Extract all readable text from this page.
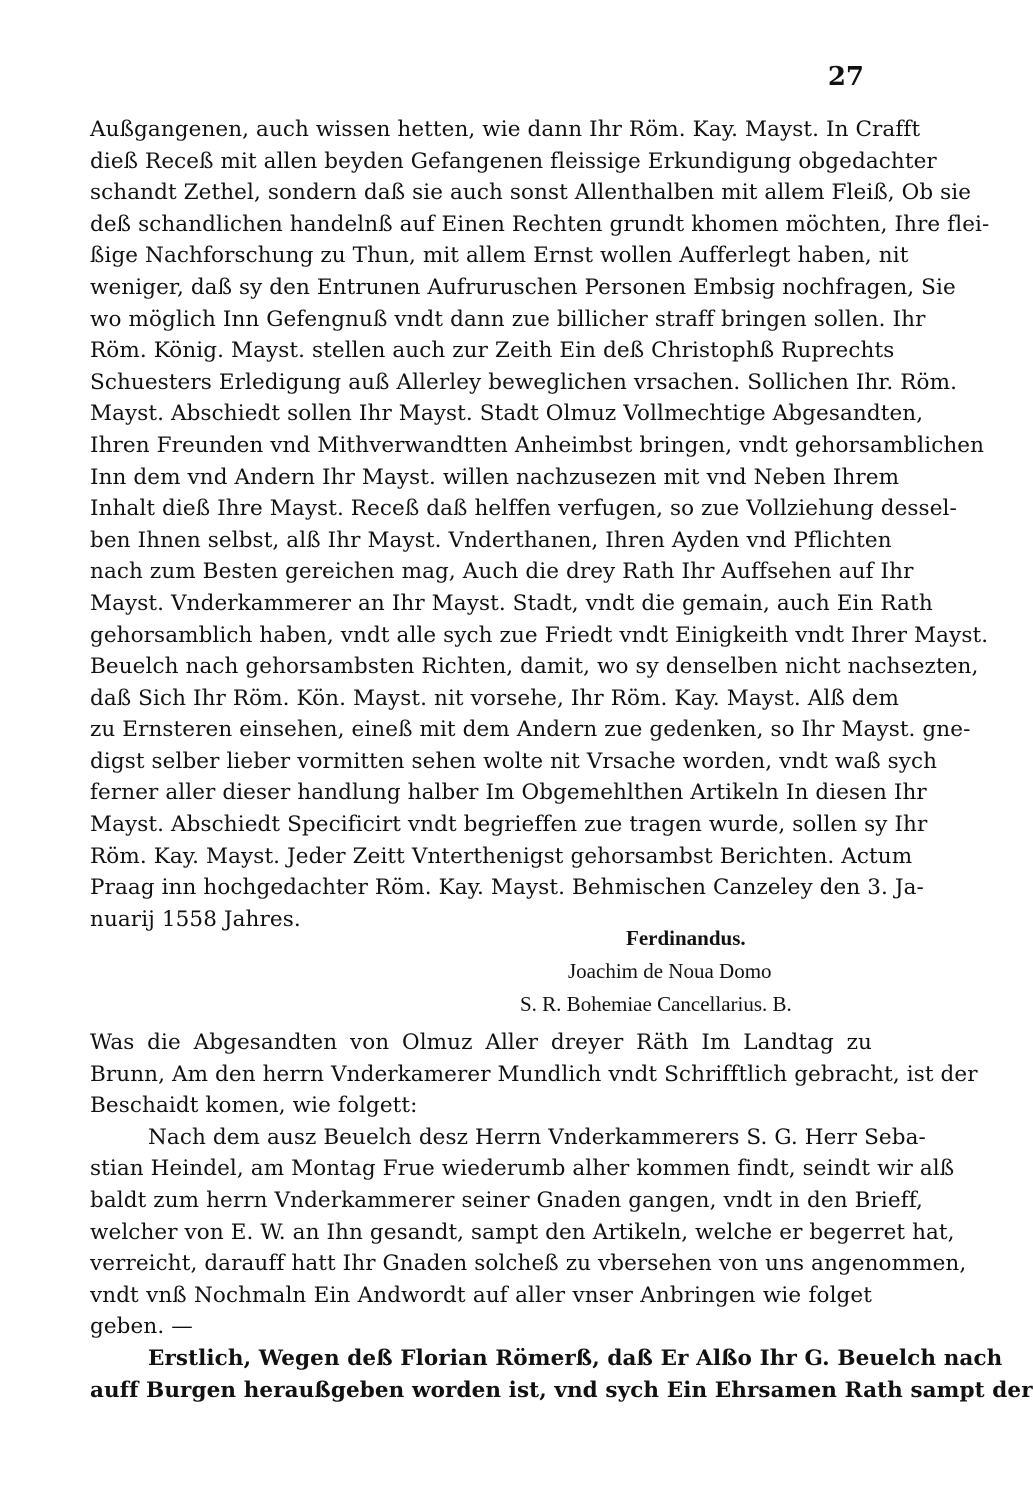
27
Außgangenen, auch wissen hetten, wie dann Ihr Röm. Kay. Mayst. In Crafft
dieß Receß mit allen beyden Gefangenen fleissige Erkundigung obgedachter
schandt Zethel, sondern daß sie auch sonst Allenthalben mit allem Fleiß, Ob sie
deß schandlichen handelnß auf Einen Rechten grundt khomen möchten, Ihre flei-
ßige Nachforschung zu Thun, mit allem Ernst wollen Aufferlegt haben, nit
weniger, daß sy den Entrunen Aufruruschen Personen Embsig nochfragen, Sie
wo möglich Inn Gefengnuß vndt dann zue billicher straff bringen sollen. Ihr
Röm. König. Mayst. stellen auch zur Zeith Ein deß Christophß Ruprechts
Schuesters Erledigung auß Allerley beweglichen vrsachen. Sollichen Ihr. Röm.
Mayst. Abschiedt sollen Ihr Mayst. Stadt Olmuz Vollmechtige Abgesandten,
Ihren Freunden vnd Mithverwandtten Anheimbst bringen, vndt gehorsamblichen
Inn dem vnd Andern Ihr Mayst. willen nachzusezen mit vnd Neben Ihrem
Inhalt dieß Ihre Mayst. Receß daß helffen verfugen, so zue Vollziehung dessel-
ben Ihnen selbst, alß Ihr Mayst. Vnderthanen, Ihren Ayden vnd Pflichten
nach zum Besten gereichen mag, Auch die drey Rath Ihr Auffsehen auf Ihr
Mayst. Vnderkammerer an Ihr Mayst. Stadt, vndt die gemain, auch Ein Rath
gehorsamblich haben, vndt alle sych zue Friedt vndt Einigkeith vndt Ihrer Mayst.
Beuelch nach gehorsambsten Richten, damit, wo sy denselben nicht nachsezten,
daß Sich Ihr Röm. Kön. Mayst. nit vorsehe, Ihr Röm. Kay. Mayst. Alß dem
zu Ernsteren einsehen, eineß mit dem Andern zue gedenken, so Ihr Mayst. gne-
digst selber lieber vormitten sehen wolte nit Vrsache worden, vndt waß sych
ferner aller dieser handlung halber Im Obgemehlthen Artikeln In diesen Ihr
Mayst. Abschiedt Specificirt vndt begrieffen zue tragen wurde, sollen sy Ihr
Röm. Kay. Mayst. Jeder Zeitt Vnterthenigst gehorsambst Berichten. Actum
Praag inn hochgedachter Röm. Kay. Mayst. Behmischen Canzeley den 3. Ja-
nuarij 1558 Jahres.
Ferdinandus.
Joachim de Noua Domo
S. R. Bohemiae Cancellarius. B.
Was die Abgesandten von Olmuz Aller dreyer Räth Im Landtag zu
Brunn, Am den herrn Vnderkamerer Mundlich vndt Schrifftlich gebracht, ist der
Beschaidt komen, wie folgett:
Nach dem ausz Beuelch desz Herrn Vnderkammerers S. G. Herr Seba-
stian Heindel, am Montag Frue wiederumb alher kommen findt, seindt wir alß
baldt zum herrn Vnderkammerer seiner Gnaden gangen, vndt in den Brieff,
welcher von E. W. an Ihn gesandt, sampt den Artikeln, welche er begerret hat,
verreicht, darauff hatt Ihr Gnaden solcheß zu vbersehen von uns angenommen,
vndt vnß Nochmaln Ein Andwordt auf aller vnser Anbringen wie folget
geben. —
Erstlich, Wegen deß Florian Römerß, daß Er Alßo Ihr G. Beuelch nach
auff Burgen heraußgeben worden ist, vnd sych Ein Ehrsamen Rath sampt der
